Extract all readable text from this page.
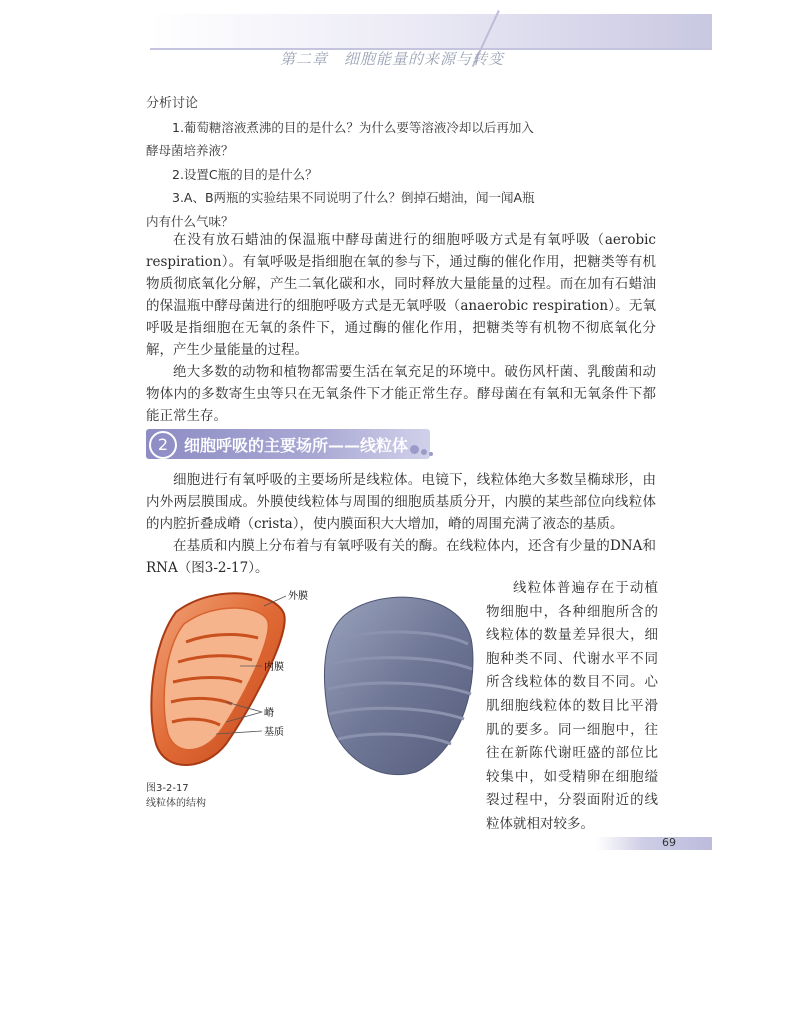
第二章　细胞能量的来源与转变

分析讨论

1.葡萄糖溶液煮沸的目的是什么？为什么要等溶液冷却以后再加入

酵母菌培养液？

2.设置C瓶的目的是什么？

3.A、B两瓶的实验结果不同说明了什么？倒掉石蜡油，闻一闻A瓶

内有什么气味？

在没有放石蜡油的保温瓶中酵母菌进行的细胞呼吸方式是有氧呼吸（aerobic respiration）。有氧呼吸是指细胞在氧的参与下，通过酶的催化作用，把糖类等有机物质彻底氧化分解，产生二氧化碳和水，同时释放大量能量的过程。而在加有石蜡油的保温瓶中酵母菌进行的细胞呼吸方式是无氧呼吸（anaerobic respiration）。无氧呼吸是指细胞在无氧的条件下，通过酶的催化作用，把糖类等有机物不彻底氧化分解，产生少量能量的过程。

绝大多数的动物和植物都需要生活在氧充足的环境中。破伤风杆菌、乳酸菌和动物体内的多数寄生虫等只在无氧条件下才能正常生存。酵母菌在有氧和无氧条件下都能正常生存。

2 细胞呼吸的主要场所——线粒体

细胞进行有氧呼吸的主要场所是线粒体。电镜下，线粒体绝大多数呈椭球形，由内外两层膜围成。外膜使线粒体与周围的细胞质基质分开，内膜的某些部位向线粒体的内腔折叠成嵴（crista），使内膜面积大大增加，嵴的周围充满了液态的基质。

在基质和内膜上分布着与有氧呼吸有关的酶。在线粒体内，还含有少量的DNA和RNA（图3-2-17）。

线粒体普遍存在于动植物细胞中，各种细胞所含的线粒体的数量差异很大，细胞种类不同、代谢水平不同所含线粒体的数目不同。心肌细胞线粒体的数目比平滑肌的要多。同一细胞中，往往在新陈代谢旺盛的部位比较集中，如受精卵在细胞缢裂过程中，分裂面附近的线粒体就相对较多。

外膜
内膜
嵴
基质
图3-2-17
线粒体的结构
69
